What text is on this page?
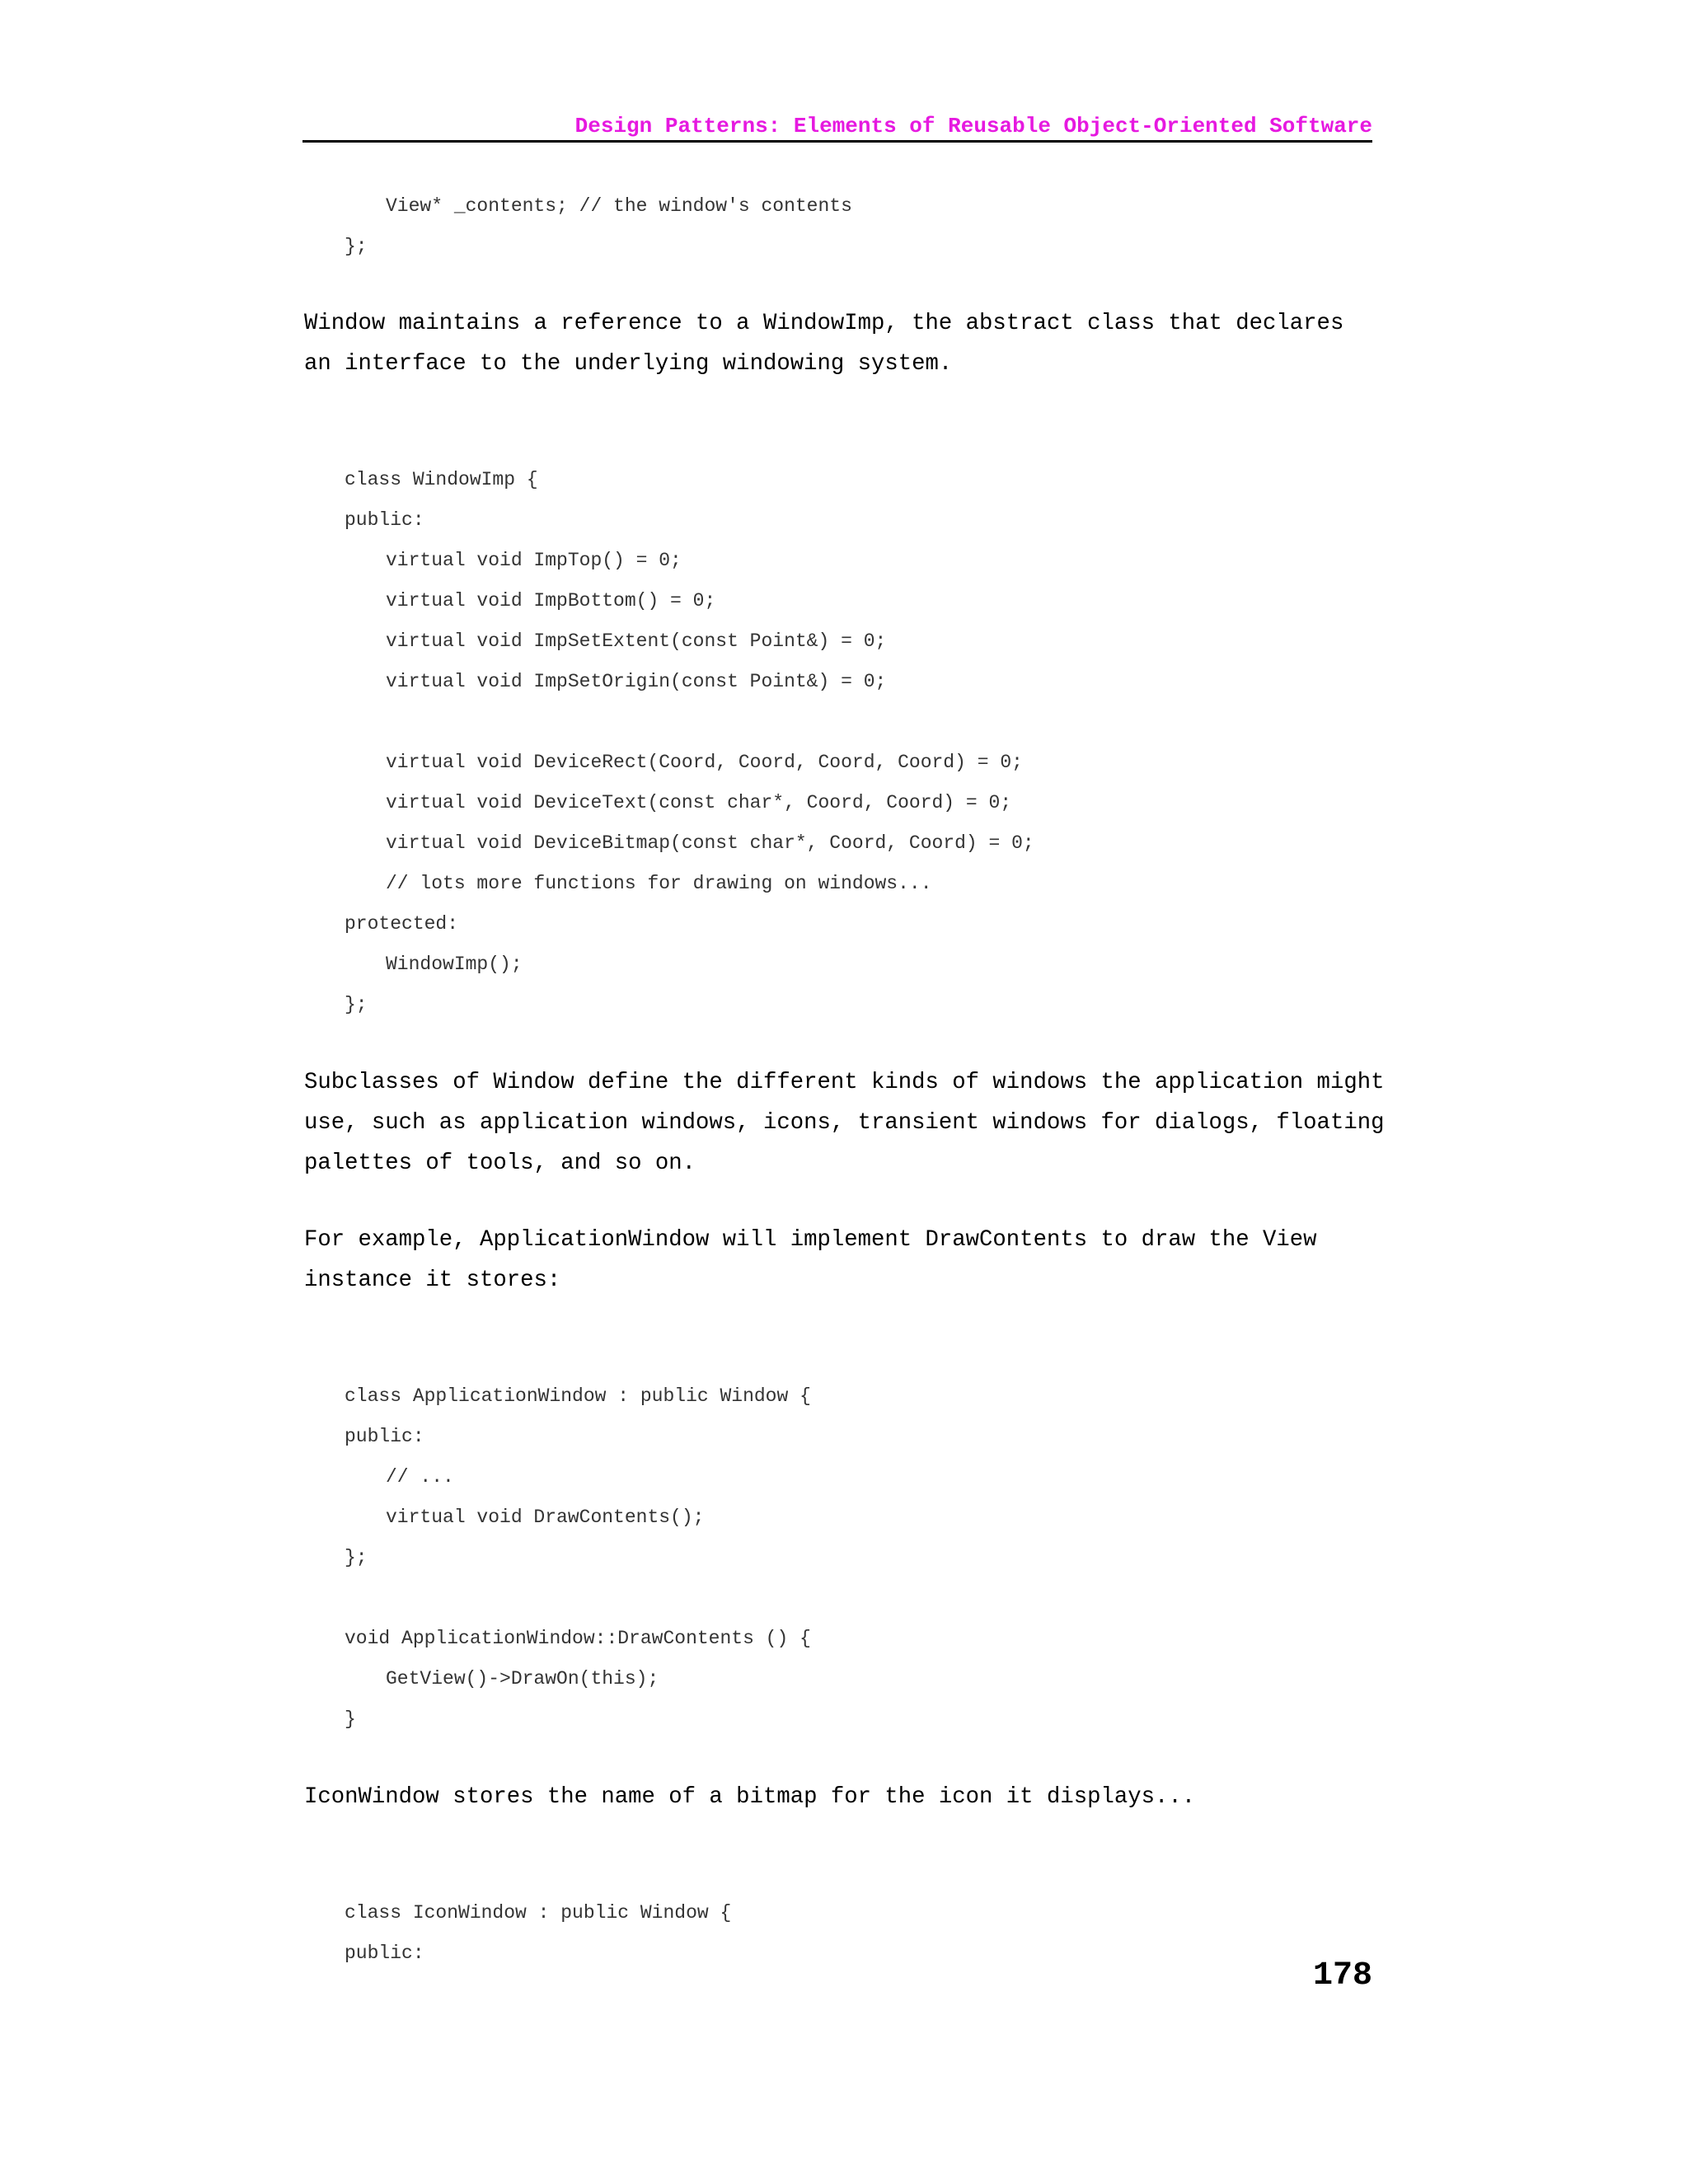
Design Patterns: Elements of Reusable Object-Oriented Software
View* _contents; // the window's contents
};

Window maintains a reference to a WindowImp, the abstract class that declares

an interface to the underlying windowing system.

class WindowImp {
public:
virtual void ImpTop() = 0;
virtual void ImpBottom() = 0;
virtual void ImpSetExtent(const Point&) = 0;
virtual void ImpSetOrigin(const Point&) = 0;
virtual void DeviceRect(Coord, Coord, Coord, Coord) = 0;
virtual void DeviceText(const char*, Coord, Coord) = 0;
virtual void DeviceBitmap(const char*, Coord, Coord) = 0;
// lots more functions for drawing on windows...
protected:
WindowImp();
};

Subclasses of Window define the different kinds of windows the application might

use, such as application windows, icons, transient windows for dialogs, floating

palettes of tools, and so on.

For example, ApplicationWindow will implement DrawContents to draw the View

instance it stores:

class ApplicationWindow : public Window {
public:
// ...
virtual void DrawContents();
};
void ApplicationWindow::DrawContents () {
GetView()->DrawOn(this);
}

IconWindow stores the name of a bitmap for the icon it displays...

class IconWindow : public Window {
public:
178
